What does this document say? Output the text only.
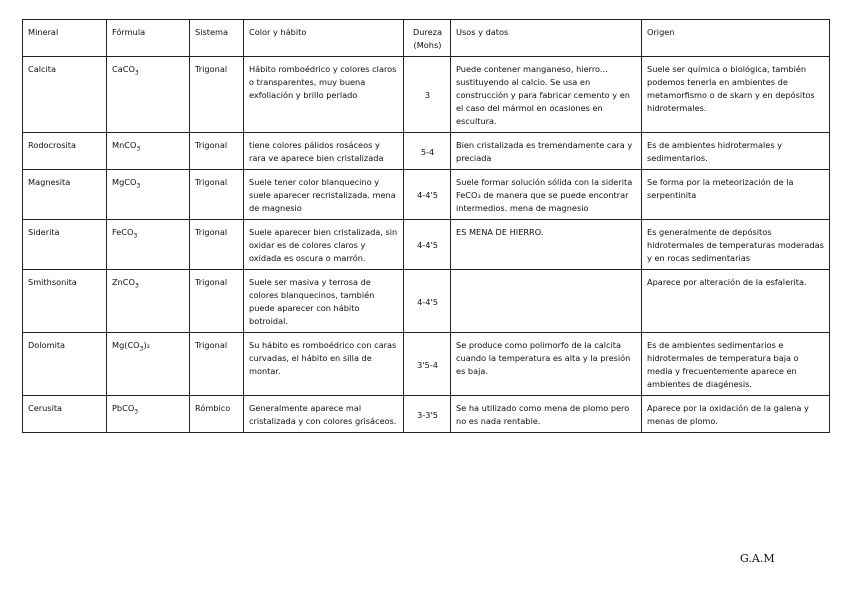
Mineral	Fórmula	Sistema	Color y hábito	Dureza (Mohs)	Usos y datos	Origen
Calcita	CaCO$_3$	Trigonal	Hábito romboédrico y colores claros o transparentes, muy buena exfoliación y brillo perlado	3	Puede contener manganeso, hierro... sustituyendo al calcio. Se usa en construcción y para fabricar cemento y en el caso del mármol en ocasiones en escultura.	Suele ser química o biológica, también podemos tenerla en ambientes de metamorfismo o de skarn y en depósitos hidrotermales.
Rodocrosita	MnCO$_3$	Trigonal	tiene colores pálidos rosáceos y rara ve aparece bien cristalizada	5-4	Bien cristalizada es tremendamente cara y preciada	Es de ambientes hidrotermales y sedimentarios.
Magnesita	MgCO$_3$	Trigonal	Suele tener color blanquecino y suele aparecer recristalizada. mena de magnesio	4-4'5	Suele formar solución sólida con la siderita FeCO₃ de manera que se puede encontrar intermedios. mena de magnesio	Se forma por la meteorización de la serpentinita
Siderita	FeCO$_3$	Trigonal	Suele aparecer bien cristalizada, sin oxidar es de colores claros y oxidada es oscura o marrón.	4-4'5	ES MENA DE HIERRO.	Es generalmente de depósitos hidrotermales de temperaturas moderadas y en rocas sedimentarias
Smithsonita	ZnCO$_3$	Trigonal	Suele ser masiva y terrosa de colores blanquecinos, también puede aparecer con hábito botroidal.	4-4'5		Aparece por alteración de la esfalerita.
Dolomita	$Mg(CO_3)_2$	Trigonal	Su hábito es romboédrico con caras curvadas, el hábito en silla de montar.	3'5-4	Se produce como polimorfo de la calcita cuando la temperatura es alta y la presión es baja.	Es de ambientes sedimentarios e hidrotermales de temperatura baja o media y frecuentemente aparece en ambientes de diagénesis.
Cerusita	PbCO$_3$	Rómbico	Generalmente aparece mal cristalizada y con colores grisáceos.	3-3'5	Se ha utilizado como mena de plomo pero no es nada rentable.	Aparece por la oxidación de la galena y menas de plomo.
G.A.M
